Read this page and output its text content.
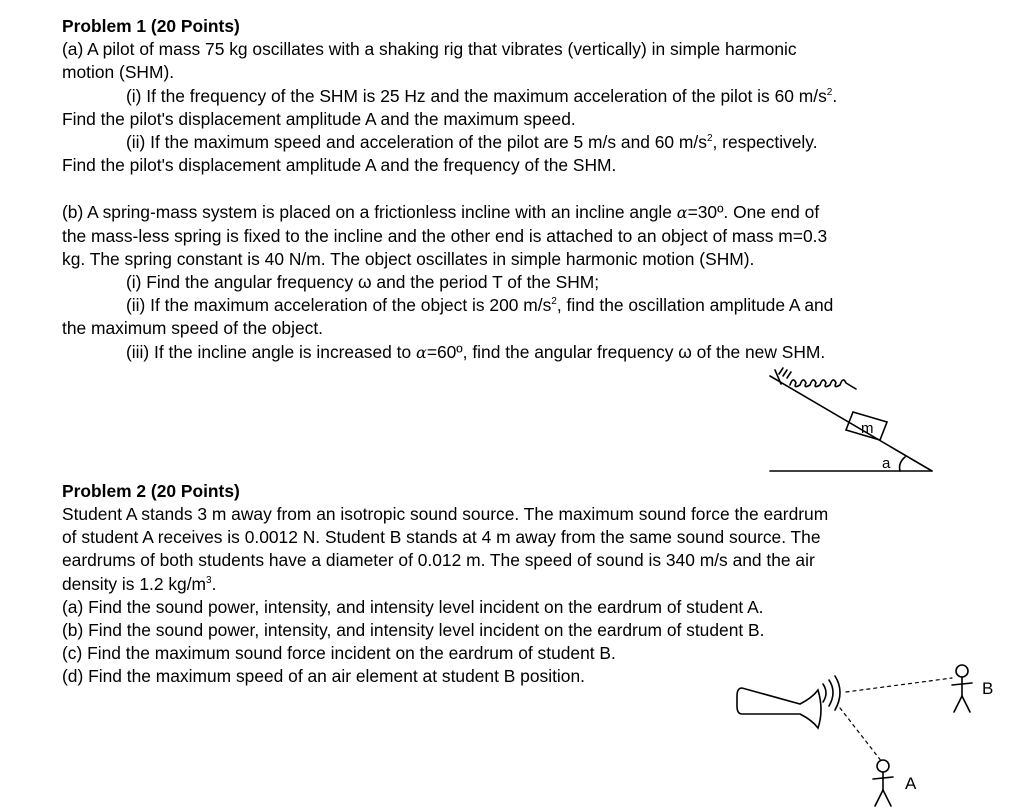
Problem 1 (20 Points)
(a) A pilot of mass 75 kg oscillates with a shaking rig that vibrates (vertically) in simple harmonic
motion (SHM).
(i) If the frequency of the SHM is 25 Hz and the maximum acceleration of the pilot is 60 $m/s^2$.
Find the pilot's displacement amplitude A and the maximum speed.
(ii) If the maximum speed and acceleration of the pilot are 5 m/s and 60 $m/s^2$, respectively.
Find the pilot's displacement amplitude A and the frequency of the SHM.
(b) A spring-mass system is placed on a frictionless incline with an incline angle α=30º. One end of
the mass-less spring is fixed to the incline and the other end is attached to an object of mass m=0.3
kg. The spring constant is 40 N/m. The object oscillates in simple harmonic motion (SHM).
(i) Find the angular frequency ω and the period T of the SHM;
(ii) If the maximum acceleration of the object is 200 $m/s^2$, find the oscillation amplitude A and
the maximum speed of the object.
(iii) If the incline angle is increased to α=60º, find the angular frequency ω of the new SHM.
Problem 2 (20 Points)
Student A stands 3 m away from an isotropic sound source. The maximum sound force the eardrum
of student A receives is 0.0012 N. Student B stands at 4 m away from the same sound source. The
eardrums of both students have a diameter of 0.012 m. The speed of sound is 340 m/s and the air
density is 1.2 $kg/m^3$.
(a) Find the sound power, intensity, and intensity level incident on the eardrum of student A.
(b) Find the sound power, intensity, and intensity level incident on the eardrum of student B.
(c) Find the maximum sound force incident on the eardrum of student B.
(d) Find the maximum speed of an air element at student B position.
m
a
B
A
